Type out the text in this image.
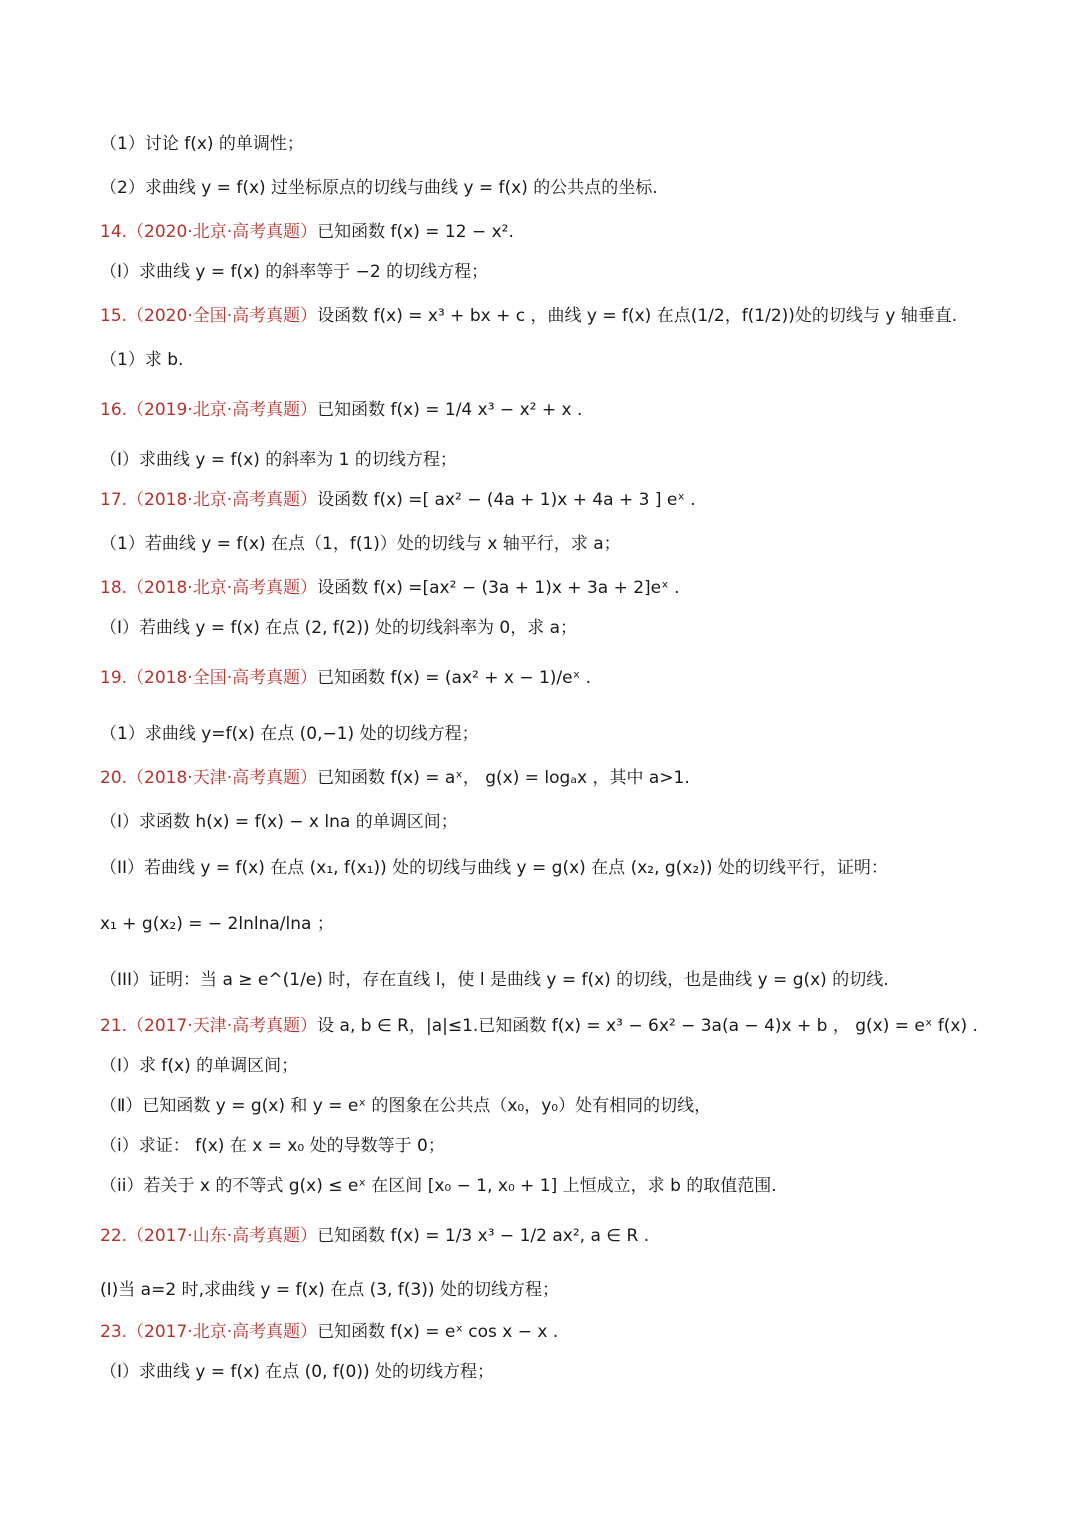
（1）讨论 f(x) 的单调性；
（2）求曲线 y = f(x) 过坐标原点的切线与曲线 y = f(x) 的公共点的坐标.
14.（2020·北京·高考真题）已知函数 f(x) = 12 − x².
（Ⅰ）求曲线 y = f(x) 的斜率等于 −2 的切线方程；
15.（2020·全国·高考真题）设函数 f(x) = x³ + bx + c ，曲线 y = f(x) 在点(1/2，f(1/2))处的切线与 y 轴垂直.
（1）求 b.
16.（2019·北京·高考真题）已知函数 f(x) = 1/4 x³ − x² + x .
（Ⅰ）求曲线 y = f(x) 的斜率为 1 的切线方程；
17.（2018·北京·高考真题）设函数 f(x) =[ ax² − (4a + 1)x + 4a + 3 ] eˣ .
（1）若曲线 y = f(x) 在点（1，f(1)）处的切线与 x 轴平行，求 a；
18.（2018·北京·高考真题）设函数 f(x) =[ax² − (3a + 1)x + 3a + 2]eˣ .
（Ⅰ）若曲线 y = f(x) 在点 (2, f(2)) 处的切线斜率为 0，求 a；
19.（2018·全国·高考真题）已知函数 f(x) = (ax² + x − 1)/eˣ .
（1）求曲线 y=f(x) 在点 (0,−1) 处的切线方程；
20.（2018·天津·高考真题）已知函数 f(x) = aˣ， g(x) = logₐx ，其中 a>1.
（I）求函数 h(x) = f(x) − x lna 的单调区间；
（II）若曲线 y = f(x) 在点 (x₁, f(x₁)) 处的切线与曲线 y = g(x) 在点 (x₂, g(x₂)) 处的切线平行，证明：
x₁ + g(x₂) = − 2lnlna/lna ；
（III）证明：当 a ≥ e^(1/e) 时，存在直线 l，使 l 是曲线 y = f(x) 的切线，也是曲线 y = g(x) 的切线.
21.（2017·天津·高考真题）设 a, b ∈ R，|a|≤1.已知函数 f(x) = x³ − 6x² − 3a(a − 4)x + b ， g(x) = eˣ f(x) .
（Ⅰ）求 f(x) 的单调区间；
（Ⅱ）已知函数 y = g(x) 和 y = eˣ 的图象在公共点（x₀，y₀）处有相同的切线，
（i）求证： f(x) 在 x = x₀ 处的导数等于 0；
（ii）若关于 x 的不等式 g(x) ≤ eˣ 在区间 [x₀ − 1, x₀ + 1] 上恒成立，求 b 的取值范围.
22.（2017·山东·高考真题）已知函数 f(x) = 1/3 x³ − 1/2 ax², a ∈ R .
(I)当 a=2 时,求曲线 y = f(x) 在点 (3, f(3)) 处的切线方程；
23.（2017·北京·高考真题）已知函数 f(x) = eˣ cos x − x .
（Ⅰ）求曲线 y = f(x) 在点 (0, f(0)) 处的切线方程；
